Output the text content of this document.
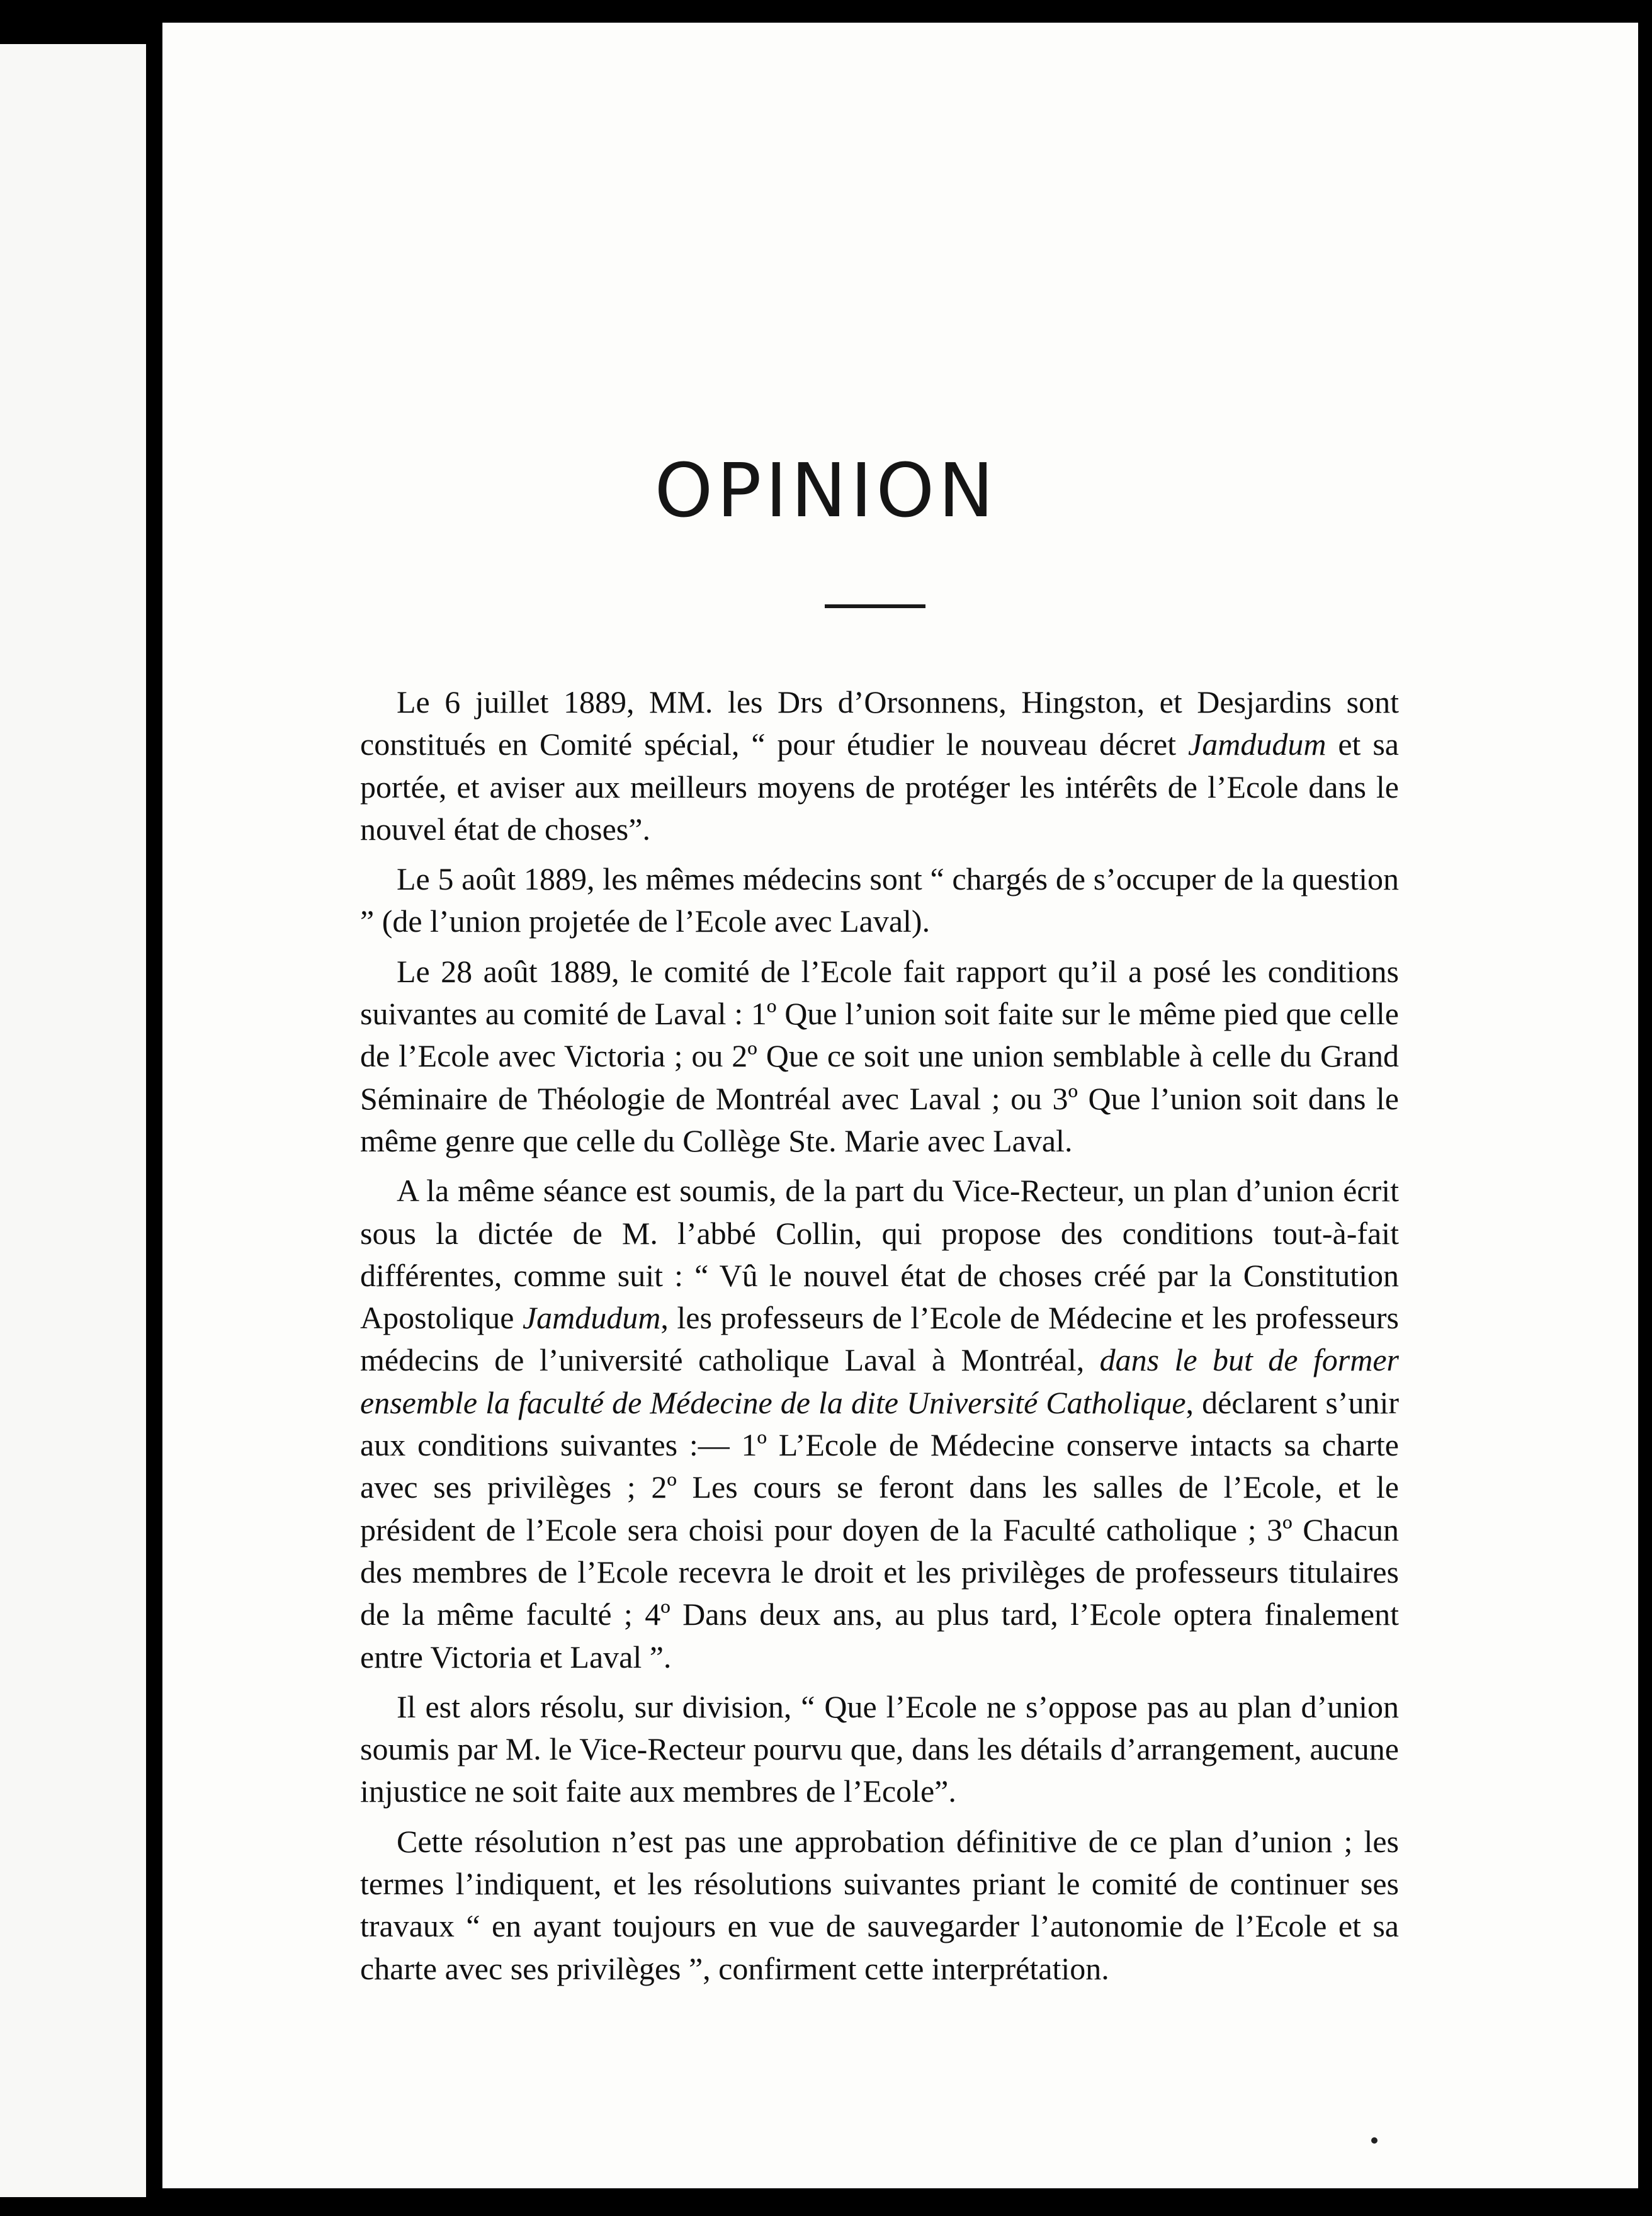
OPINION

Le 6 juillet 1889, MM. les Drs d’Orsonnens, Hingston, et Desjardins sont constitués en Comité spécial, “ pour étudier le nouveau décret Jamdudum et sa portée, et aviser aux meilleurs moyens de protéger les intérêts de l’Ecole dans le nouvel état de choses”.

Le 5 août 1889, les mêmes médecins sont “ chargés de s’occuper de la question ” (de l’union projetée de l’Ecole avec Laval).

Le 28 août 1889, le comité de l’Ecole fait rapport qu’il a posé les conditions suivantes au comité de Laval : 1º Que l’union soit faite sur le même pied que celle de l’Ecole avec Victoria ; ou 2º Que ce soit une union semblable à celle du Grand Séminaire de Théologie de Montréal avec Laval ; ou 3º Que l’union soit dans le même genre que celle du Collège Ste. Marie avec Laval.

A la même séance est soumis, de la part du Vice-Recteur, un plan d’union écrit sous la dictée de M. l’abbé Collin, qui propose des conditions tout-à-fait différentes, comme suit : “ Vû le nouvel état de choses créé par la Constitution Apostolique Jamdudum, les professeurs de l’Ecole de Médecine et les professeurs médecins de l’université catholique Laval à Montréal, dans le but de former ensemble la faculté de Médecine de la dite Université Catholique, déclarent s’unir aux conditions suivantes :— 1º L’Ecole de Médecine conserve intacts sa charte avec ses privilèges ; 2º Les cours se feront dans les salles de l’Ecole, et le président de l’Ecole sera choisi pour doyen de la Faculté catholique ; 3º Chacun des membres de l’Ecole recevra le droit et les privilèges de professeurs titulaires de la même faculté ; 4º Dans deux ans, au plus tard, l’Ecole optera finalement entre Victoria et Laval ”.

Il est alors résolu, sur division, “ Que l’Ecole ne s’oppose pas au plan d’union soumis par M. le Vice-Recteur pourvu que, dans les détails d’arrangement, aucune injustice ne soit faite aux membres de l’Ecole”.

Cette résolution n’est pas une approbation définitive de ce plan d’union ; les termes l’indiquent, et les résolutions suivantes priant le comité de continuer ses travaux “ en ayant toujours en vue de sauvegarder l’autonomie de l’Ecole et sa charte avec ses privilèges ”, confirment cette interprétation.
